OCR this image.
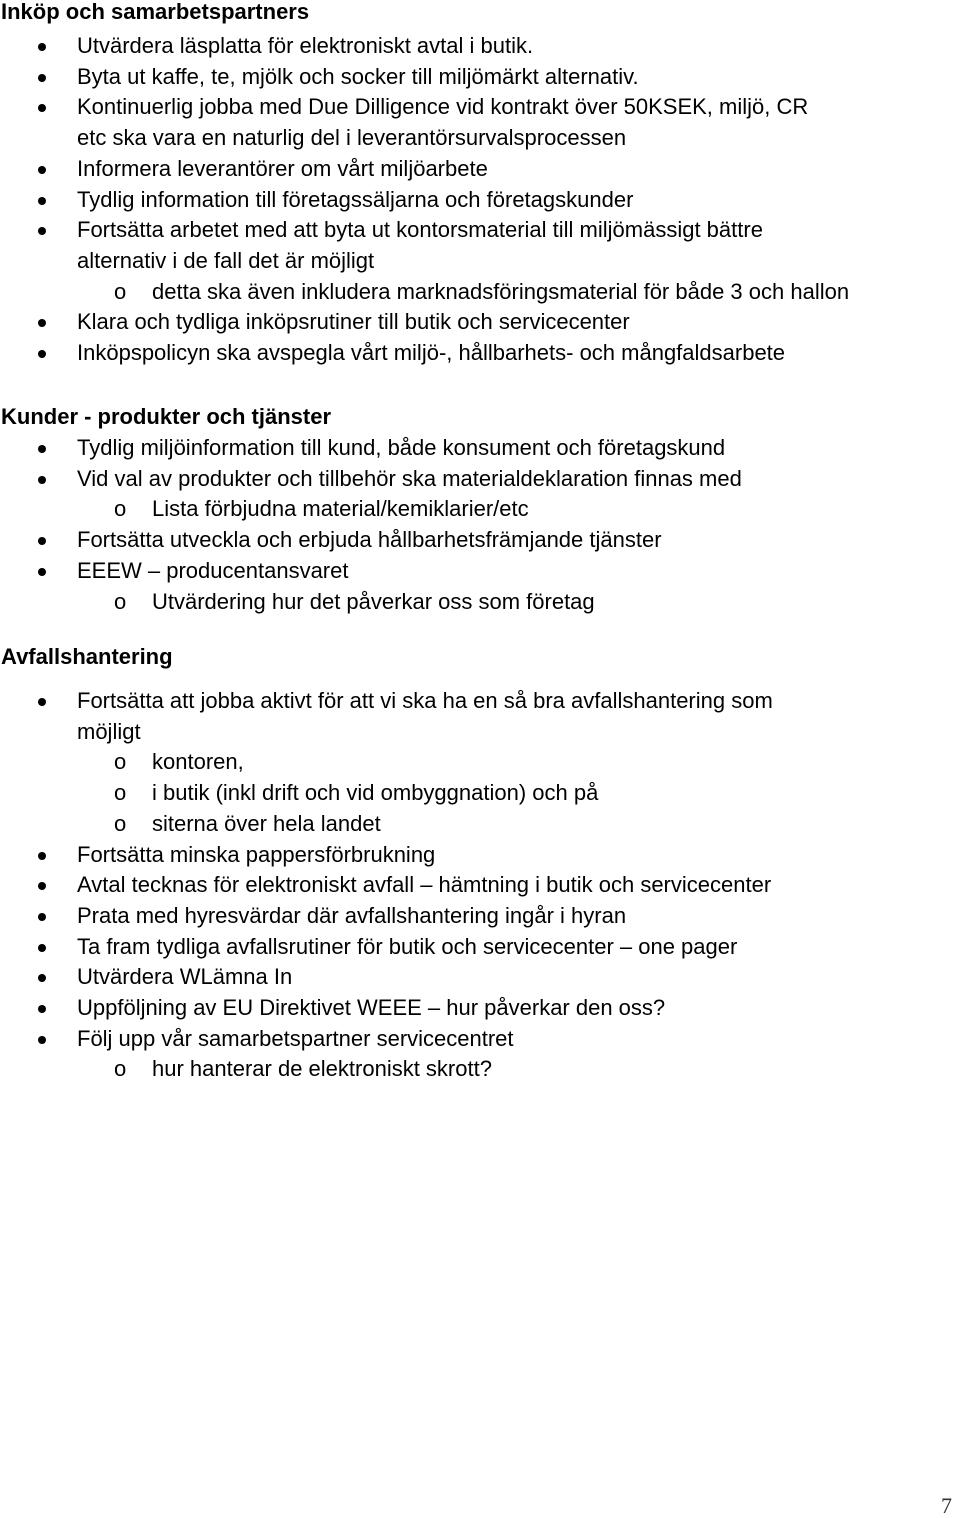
Inköp och samarbetspartners
Utvärdera läsplatta för elektroniskt avtal i butik.
Byta ut kaffe, te, mjölk och socker till miljömärkt alternativ.
Kontinuerlig jobba med Due Dilligence vid kontrakt över 50KSEK, miljö, CR
etc ska vara en naturlig del i leverantörsurvalsprocessen
Informera leverantörer om vårt miljöarbete
Tydlig information till företagssäljarna och företagskunder
Fortsätta arbetet med att byta ut kontorsmaterial till miljömässigt bättre
alternativ i de fall det är möjligt
o detta ska även inkludera marknadsföringsmaterial för både 3 och hallon
Klara och tydliga inköpsrutiner till butik och servicecenter
Inköpspolicyn ska avspegla vårt miljö-, hållbarhets- och mångfaldsarbete
Kunder - produkter och tjänster
Tydlig miljöinformation till kund, både konsument och företagskund
Vid val av produkter och tillbehör ska materialdeklaration finnas med
o Lista förbjudna material/kemiklarier/etc
Fortsätta utveckla och erbjuda hållbarhetsfrämjande tjänster
EEEW – producentansvaret
o Utvärdering hur det påverkar oss som företag
Avfallshantering
Fortsätta att jobba aktivt för att vi ska ha en så bra avfallshantering som
möjligt
o kontoren,
o i butik (inkl drift och vid ombyggnation) och på
o siterna över hela landet
Fortsätta minska pappersförbrukning
Avtal tecknas för elektroniskt avfall – hämtning i butik och servicecenter
Prata med hyresvärdar där avfallshantering ingår i hyran
Ta fram tydliga avfallsrutiner för butik och servicecenter – one pager
Utvärdera WLämna In
Uppföljning av EU Direktivet WEEE – hur påverkar den oss?
Följ upp vår samarbetspartner servicecentret
o hur hanterar de elektroniskt skrott?
7
